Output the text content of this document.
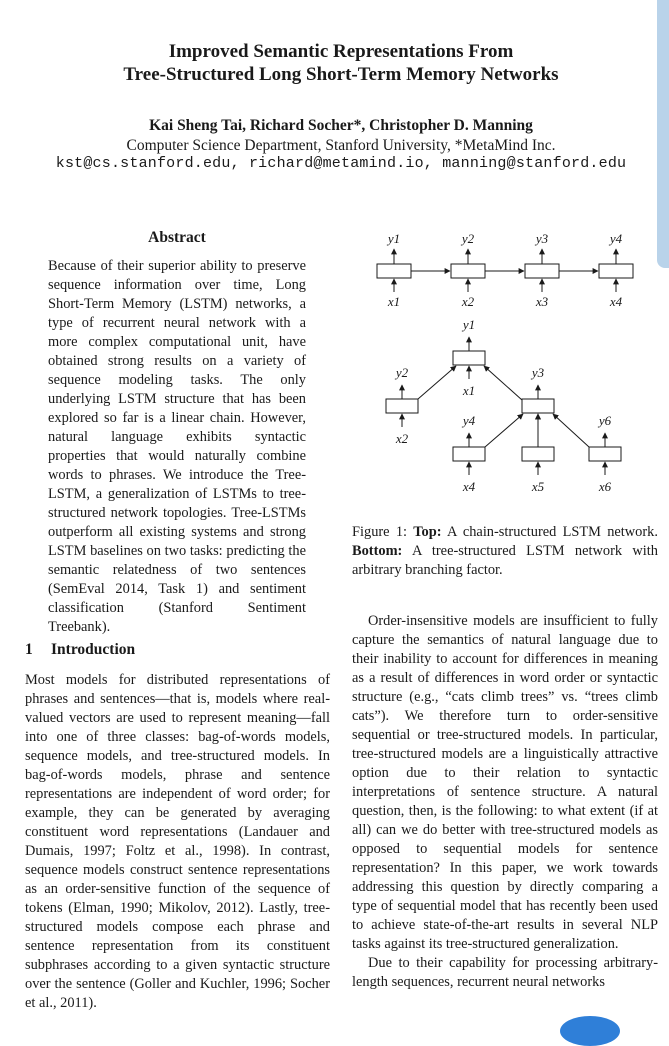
Improved Semantic Representations From
Tree-Structured Long Short-Term Memory Networks
Kai Sheng Tai, Richard Socher*, Christopher D. Manning
Computer Science Department, Stanford University, *MetaMind Inc.
kst@cs.stanford.edu, richard@metamind.io, manning@stanford.edu
Abstract
Because of their superior ability to preserve sequence information over time, Long Short-Term Memory (LSTM) networks, a type of recurrent neural network with a more complex computational unit, have obtained strong results on a variety of sequence modeling tasks. The only underlying LSTM structure that has been explored so far is a linear chain. However, natural language exhibits syntactic properties that would naturally combine words to phrases. We introduce the Tree-LSTM, a generalization of LSTMs to tree-structured network topologies. Tree-LSTMs outperform all existing systems and strong LSTM baselines on two tasks: predicting the semantic relatedness of two sentences (SemEval 2014, Task 1) and sentiment classification (Stanford Sentiment Treebank).
1 Introduction
Most models for distributed representations of phrases and sentences—that is, models where real-valued vectors are used to represent meaning—fall into one of three classes: bag-of-words models, sequence models, and tree-structured models. In bag-of-words models, phrase and sentence representations are independent of word order; for example, they can be generated by averaging constituent word representations (Landauer and Dumais, 1997; Foltz et al., 1998). In contrast, sequence models construct sentence representations as an order-sensitive function of the sequence of tokens (Elman, 1990; Mikolov, 2012). Lastly, tree-structured models compose each phrase and sentence representation from its constituent subphrases according to a given syntactic structure over the sentence (Goller and Kuchler, 1996; Socher et al., 2011).
y1	y2	y3	y4
x1	x2	x3	x4
y1
x1
y2
x2
y3
y4	y6
x4	x5	x6
Figure 1: Top: A chain-structured LSTM network. Bottom: A tree-structured LSTM network with arbitrary branching factor.

Order-insensitive models are insufficient to fully capture the semantics of natural language due to their inability to account for differences in meaning as a result of differences in word order or syntactic structure (e.g., “cats climb trees” vs. “trees climb cats”). We therefore turn to order-sensitive sequential or tree-structured models. In particular, tree-structured models are a linguistically attractive option due to their relation to syntactic interpretations of sentence structure. A natural question, then, is the following: to what extent (if at all) can we do better with tree-structured models as opposed to sequential models for sentence representation? In this paper, we work towards addressing this question by directly comparing a type of sequential model that has recently been used to achieve state-of-the-art results in several NLP tasks against its tree-structured generalization.

Due to their capability for processing arbitrary-length sequences, recurrent neural networks
